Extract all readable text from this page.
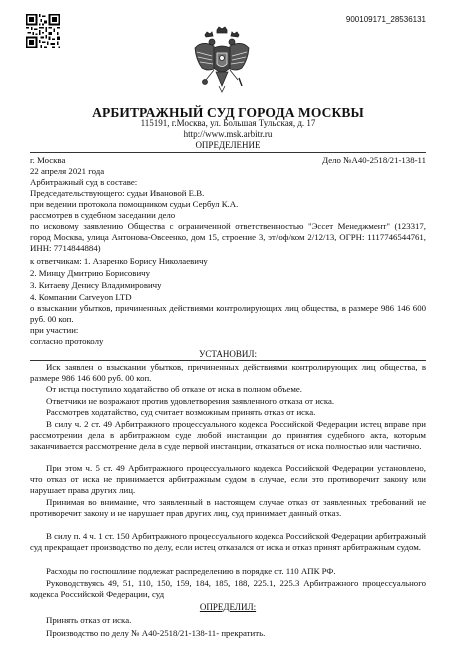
900109171_28536131
АРБИТРАЖНЫЙ СУД ГОРОДА МОСКВЫ
115191, г.Москва, ул. Большая Тульская, д. 17
http://www.msk.arbitr.ru
ОПРЕДЕЛЕНИЕ
г. Москва	Дело №А40-2518/21-138-11
22 апреля 2021 года
Арбитражный суд в составе:
Председательствующего: судьи Ивановой Е.В.
при ведении протокола помощником судьи Сербул К.А.
рассмотрев в судебном заседании дело
по исковому заявлению Общества с ограниченной ответственностью "Эссет Менеджмент" (123317, город Москва, улица Антонова-Овсеенко, дом 15, строение 3, эт/оф/ком 2/12/13, ОГРН: 1117746544761, ИНН: 7714844884)
к ответчикам: 1. Азаренко Борису Николаевичу
2. Минцу Дмитрию Борисовичу
3. Китаеву Денису Владимировичу
4. Компании Carveyon LTD
о взыскании убытков, причиненных действиями контролирующих лиц общества, в размере 986 146 600 руб. 00 коп.
при участии:
согласно протоколу
УСТАНОВИЛ:
Иск заявлен о взыскании убытков, причиненных действиями контролирующих лиц общества, в размере 986 146 600 руб. 00 коп.
От истца поступило ходатайство об отказе от иска в полном объеме.
Ответчики не возражают против удовлетворения заявленного отказа от иска.
Рассмотрев ходатайство, суд считает возможным принять отказ от иска.
В силу ч. 2 ст. 49 Арбитражного процессуального кодекса Российской Федерации истец вправе при рассмотрении дела в арбитражном суде любой инстанции до принятия судебного акта, которым заканчивается рассмотрение дела в суде первой инстанции, отказаться от иска полностью или частично.
При этом ч. 5 ст. 49 Арбитражного процессуального кодекса Российской Федерации установлено, что отказ от иска не принимается арбитражным судом в случае, если это противоречит закону или нарушает права других лиц.
Принимая во внимание, что заявленный в настоящем случае отказ от заявленных требований не противоречит закону и не нарушает прав других лиц, суд принимает данный отказ.
В силу п. 4 ч. 1 ст. 150 Арбитражного процессуального кодекса Российской Федерации арбитражный суд прекращает производство по делу, если истец отказался от иска и отказ принят арбитражным судом.
Расходы по госпошлине подлежат распределению в порядке ст. 110 АПК РФ.
Руководствуясь 49, 51, 110, 150, 159, 184, 185, 188, 225.1, 225.3 Арбитражного процессуального кодекса Российской Федерации, суд
ОПРЕДЕЛИЛ:
Принять отказ от иска.
Производство по делу № А40-2518/21-138-11- прекратить.
